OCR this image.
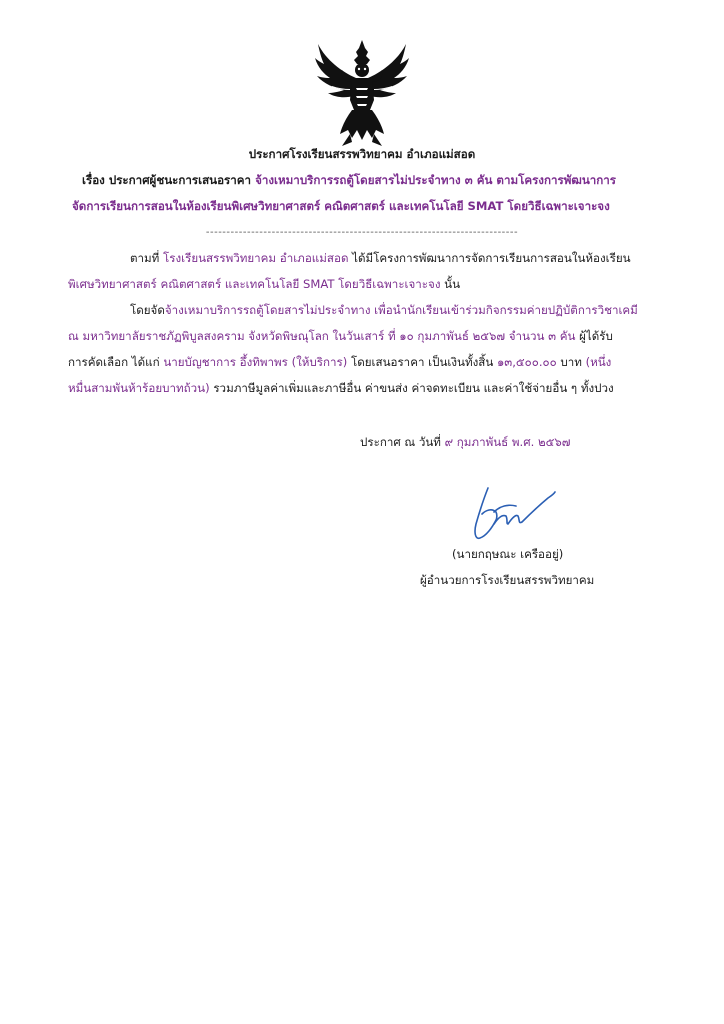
ประกาศโรงเรียนสรรพวิทยาคม อำเภอแม่สอด
เรื่อง ประกาศผู้ชนะการเสนอราคา จ้างเหมาบริการรถตู้โดยสารไม่ประจำทาง ๓ คัน ตามโครงการพัฒนาการ
จัดการเรียนการสอนในห้องเรียนพิเศษวิทยาศาสตร์ คณิตศาสตร์ และเทคโนโลยี SMAT โดยวิธีเฉพาะเจาะจง
----------------------------------------------------------------------------
ตามที่ โรงเรียนสรรพวิทยาคม อำเภอแม่สอด ได้มีโครงการพัฒนาการจัดการเรียนการสอนในห้องเรียน
พิเศษวิทยาศาสตร์ คณิตศาสตร์ และเทคโนโลยี SMAT โดยวิธีเฉพาะเจาะจง นั้น
โดยจัดจ้างเหมาบริการรถตู้โดยสารไม่ประจำทาง เพื่อนำนักเรียนเข้าร่วมกิจกรรมค่ายปฏิบัติการวิชาเคมี
ณ มหาวิทยาลัยราชภัฏพิบูลสงคราม จังหวัดพิษณุโลก ในวันเสาร์ ที่ ๑๐ กุมภาพันธ์ ๒๕๖๗ จำนวน ๓ คัน ผู้ได้รับ
การคัดเลือก ได้แก่ นายบัญชาการ อึ้งทิพาพร (ให้บริการ) โดยเสนอราคา เป็นเงินทั้งสิ้น ๑๓,๕๐๐.๐๐ บาท (หนึ่ง
หมื่นสามพันห้าร้อยบาทถ้วน) รวมภาษีมูลค่าเพิ่มและภาษีอื่น ค่าขนส่ง ค่าจดทะเบียน และค่าใช้จ่ายอื่น ๆ ทั้งปวง
ประกาศ ณ วันที่ ๙ กุมภาพันธ์ พ.ศ. ๒๕๖๗
(นายกฤษณะ เครืออยู่)
ผู้อำนวยการโรงเรียนสรรพวิทยาคม
